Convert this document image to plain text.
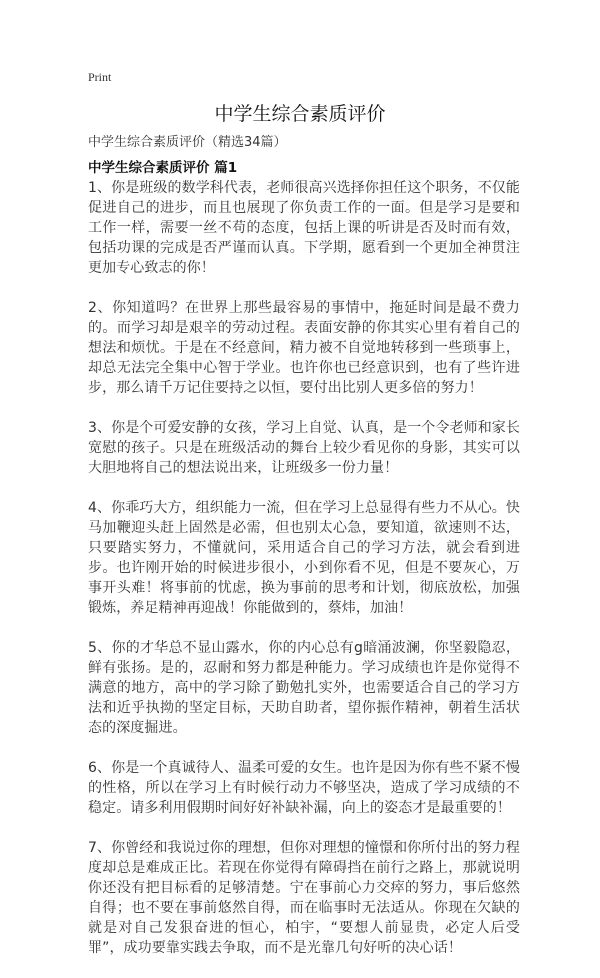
Print
中学生综合素质评价
中学生综合素质评价（精选34篇）
中学生综合素质评价 篇1

1、你是班级的数学科代表，老师很高兴选择你担任这个职务，不仅能促进自己的进步，而且也展现了你负责工作的一面。但是学习是要和工作一样，需要一丝不苟的态度，包括上课的听讲是否及时而有效，包括功课的完成是否严谨而认真。下学期，愿看到一个更加全神贯注更加专心致志的你！

2、你知道吗？在世界上那些最容易的事情中，拖延时间是最不费力的。而学习却是艰辛的劳动过程。表面安静的你其实心里有着自己的想法和烦忧。于是在不经意间，精力被不自觉地转移到一些琐事上，却总无法完全集中心智于学业。也许你也已经意识到，也有了些许进步，那么请千万记住要持之以恒，要付出比别人更多倍的努力！

3、你是个可爱安静的女孩，学习上自觉、认真，是一个令老师和家长宽慰的孩子。只是在班级活动的舞台上较少看见你的身影，其实可以大胆地将自己的想法说出来，让班级多一份力量！

4、你乖巧大方，组织能力一流，但在学习上总显得有些力不从心。快马加鞭迎头赶上固然是必需，但也别太心急，要知道，欲速则不达，只要踏实努力，不懂就问，采用适合自己的学习方法，就会看到进步。也许刚开始的时候进步很小，小到你看不见，但是不要灰心，万事开头难！将事前的忧虑，换为事前的思考和计划，彻底放松，加强锻炼，养足精神再迎战！你能做到的，蔡炜，加油！

5、你的才华总不显山露水，你的内心总有g暗涌波澜，你坚毅隐忍，鲜有张扬。是的，忍耐和努力都是种能力。学习成绩也许是你觉得不满意的地方，高中的学习除了勤勉扎实外，也需要适合自己的学习方法和近乎执拗的坚定目标，天助自助者，望你振作精神，朝着生活状态的深度掘进。

6、你是一个真诚待人、温柔可爱的女生。也许是因为你有些不紧不慢的性格，所以在学习上有时候行动力不够坚决，造成了学习成绩的不稳定。请多利用假期时间好好补缺补漏，向上的姿态才是最重要的！

7、你曾经和我说过你的理想，但你对理想的憧憬和你所付出的努力程度却总是难成正比。若现在你觉得有障碍挡在前行之路上，那就说明你还没有把目标看的足够清楚。宁在事前心力交瘁的努力，事后悠然自得；也不要在事前悠然自得，而在临事时无法适从。你现在欠缺的就是对自己发狠奋进的恒心，柏宇，“要想人前显贵，必定人后受罪”，成功要靠实践去争取，而不是光靠几句好听的决心话！
